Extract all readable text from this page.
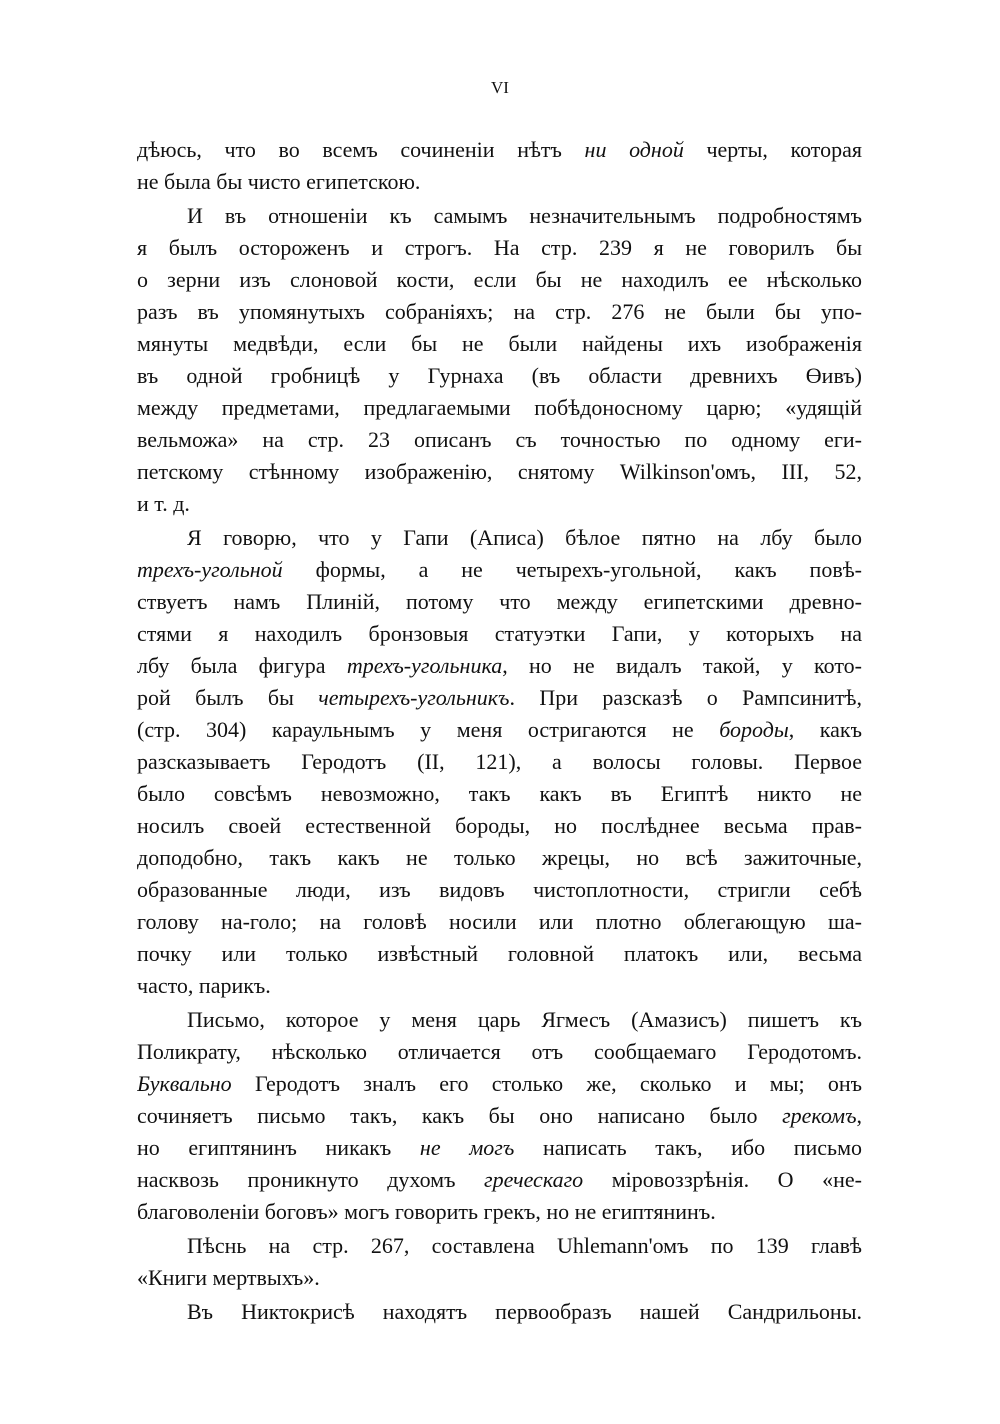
VI
дѣюсь, что во всемъ сочиненіи нѣтъ ни одной черты, которая
не была бы чисто египетскою.
И въ отношеніи къ самымъ незначительнымъ подробностямъ
я былъ остороженъ и строгъ. На стр. 239 я не говорилъ бы
о зерни изъ слоновой кости, если бы не находилъ ее нѣсколько
разъ въ упомянутыхъ собраніяхъ; на стр. 276 не были бы упо-
мянуты медвѣди, если бы не были найдены ихъ изображенія
въ одной гробницѣ у Гурнаха (въ области древнихъ Өивъ)
между предметами, предлагаемыми побѣдоносному царю; «удящій
вельможа» на стр. 23 описанъ съ точностью по одному еги-
петскому стѣнному изображенію, снятому Wilkinson'омъ, III, 52,
и т. д.
Я говорю, что у Гапи (Аписа) бѣлое пятно на лбу было
трехъ-угольной формы, а не четырехъ-угольной, какъ повѣ-
ствуетъ намъ Плиній, потому что между египетскими древно-
стями я находилъ бронзовыя статуэтки Гапи, у которыхъ на
лбу была фигура трехъ-угольника, но не видалъ такой, у кото-
рой былъ бы четырехъ-угольникъ. При разсказѣ о Рампсинитѣ,
(стр. 304) караульнымъ у меня остригаются не бороды, какъ
разсказываетъ Геродотъ (II, 121), а волосы головы. Первое
было совсѣмъ невозможно, такъ какъ въ Египтѣ никто не
носилъ своей естественной бороды, но послѣднее весьма прав-
доподобно, такъ какъ не только жрецы, но всѣ зажиточные,
образованные люди, изъ видовъ чистоплотности, стригли себѣ
голову на-голо; на головѣ носили или плотно облегающую ша-
почку или только извѣстный головной платокъ или, весьма
часто, парикъ.
Письмо, которое у меня царь Ягмесъ (Амазисъ) пишетъ къ
Поликрату, нѣсколько отличается отъ сообщаемаго Геродотомъ.
Буквально Геродотъ зналъ его столько же, сколько и мы; онъ
сочиняетъ письмо такъ, какъ бы оно написано было грекомъ,
но египтянинъ никакъ не могъ написать такъ, ибо письмо
насквозь проникнуто духомъ греческаго міровоззрѣнія. О «не-
благоволеніи боговъ» могъ говорить грекъ, но не египтянинъ.
Пѣснь на стр. 267, составлена Uhlemann'омъ по 139 главѣ
«Книги мертвыхъ».
Въ Никтокрисѣ находятъ первообразъ нашей Сандрильоны.
